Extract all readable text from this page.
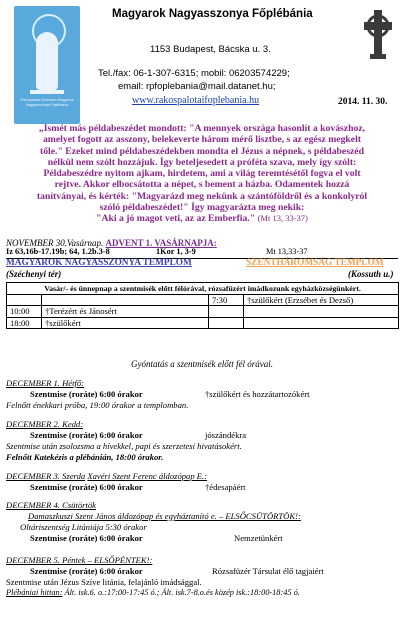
Rákospalota-Kertváros Magyarok Nagyasszonya Főplébánia
Magyarok Nagyasszonya Főplébánia
1153 Budapest, Bácska u. 3.
Tel./fax: 06-1-307-6315; mobil: 06203574229;
email: rpfoplebania@mail.datanet.hu;
www.rakospalotaifoplebania.hu	2014. 11. 30.
„Ismét más példabeszédet mondott: "A mennyek országa hasonlít a kovászhoz,
amelyet fogott az asszony, belekeverte három mérő lisztbe, s az egész megkelt
tőle." Ezeket mind példabeszédekben mondta el Jézus a népnek, s példabeszéd
nélkül nem szólt hozzájuk. Így beteljesedett a próféta szava, mely így szólt:
Példabeszédre nyitom ajkam, hirdetem, ami a világ teremtésétől fogva el volt
rejtve. Akkor elbocsátotta a népet, s bement a házba. Odamentek hozzá
tanítványai, és kérték: "Magyarázd meg nekünk a szántóföldről és a konkolyról
szóló példabeszédet!" Így magyarázta meg nekik:
"Aki a jó magot veti, az az Emberfia." (Mt 13, 33-37)
NOVEMBER 30.Vasárnap. ADVENT 1. VASÁRNAPJA:
Iz 63,16b-17.19b; 64, 1.2b.3-8	1Kor 1, 3-9	Mt 13,33-37
MAGYAROK NAGYASSZONYA TEMPLOM	SZENTHÁROMSÁG TEMPLOM
(Széchenyi tér)	(Kossuth u.)
Vasár/- és ünnepnap a szentmisék előtt félórával, rózsafüzért imádkozunk egyházközségünkért.			
		7:30	†szülőkért (Erzsébet és Dezső)
10:00	†Terézért és Jánosért		
18:00	†szülőkért		
Gyóntatás a szentmisék előtt fél órával.
DECEMBER 1. Hétfő:
Szentmise (roráte) 6:00 órakor	†szülőkért és hozzátartozókért
Felnőtt énekkari próba, 19:00 órakor a templomban.
DECEMBER 2. Kedd:
Szentmise (roráte) 6:00 órakor	jószándékra
Szentmise után zsolozsma a hívekkel, papi és szerzetesi hivatásokért.
Felnőtt Katekézis a plébánián, 18:00 órakor.
DECEMBER 3. Szerda Xavéri Szent Ferenc áldozópap E.:
Szentmise (roráte) 6:00 órakor	†édesapáért
DECEMBER 4. Csütörtök
Damaszkuszi Szent János áldozópap és egyháztanító e. – ELSŐCSÜTÖRTÖK!:
Oltáriszentség Litániája 5:30 órakor
Szentmise (roráte) 6:00 órakor	Nemzetünkért
DECEMBER 5. Péntek – ELSŐPÉNTEK!:
Szentmise (roráte) 6:00 órakor	Rózsafüzér Társulat élő tagjaiért
Szentmise után Jézus Szíve litánia, felajánló imádsággal.
Plébániai hittan: Ált. isk.6. o.:17:00-17:45 ó.; Ált. isk.7-8.o.és közép isk.:18:00-18:45 ó.
